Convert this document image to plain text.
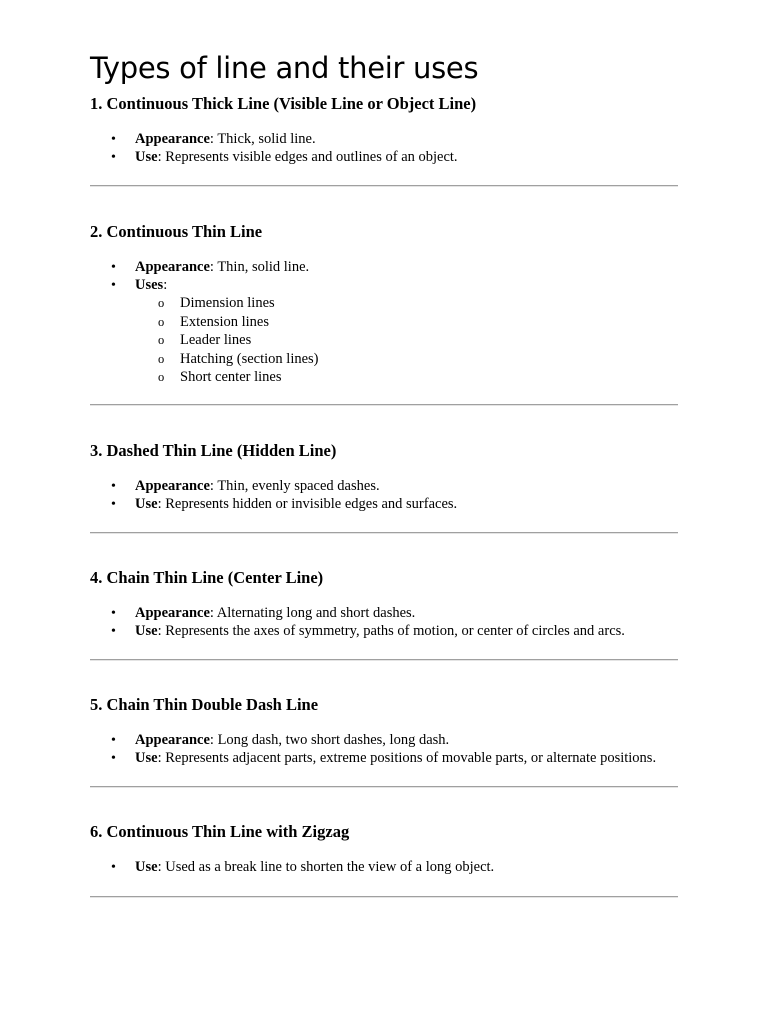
Types of line and their uses
1. Continuous Thick Line (Visible Line or Object Line)
• Appearance: Thick, solid line.
• Use: Represents visible edges and outlines of an object.
2. Continuous Thin Line
• Appearance: Thin, solid line.
• Uses:
o Dimension lines
o Extension lines
o Leader lines
o Hatching (section lines)
o Short center lines
3. Dashed Thin Line (Hidden Line)
• Appearance: Thin, evenly spaced dashes.
• Use: Represents hidden or invisible edges and surfaces.
4. Chain Thin Line (Center Line)
• Appearance: Alternating long and short dashes.
• Use: Represents the axes of symmetry, paths of motion, or center of circles and arcs.
5. Chain Thin Double Dash Line
• Appearance: Long dash, two short dashes, long dash.
• Use: Represents adjacent parts, extreme positions of movable parts, or alternate positions.
6. Continuous Thin Line with Zigzag
• Use: Used as a break line to shorten the view of a long object.
